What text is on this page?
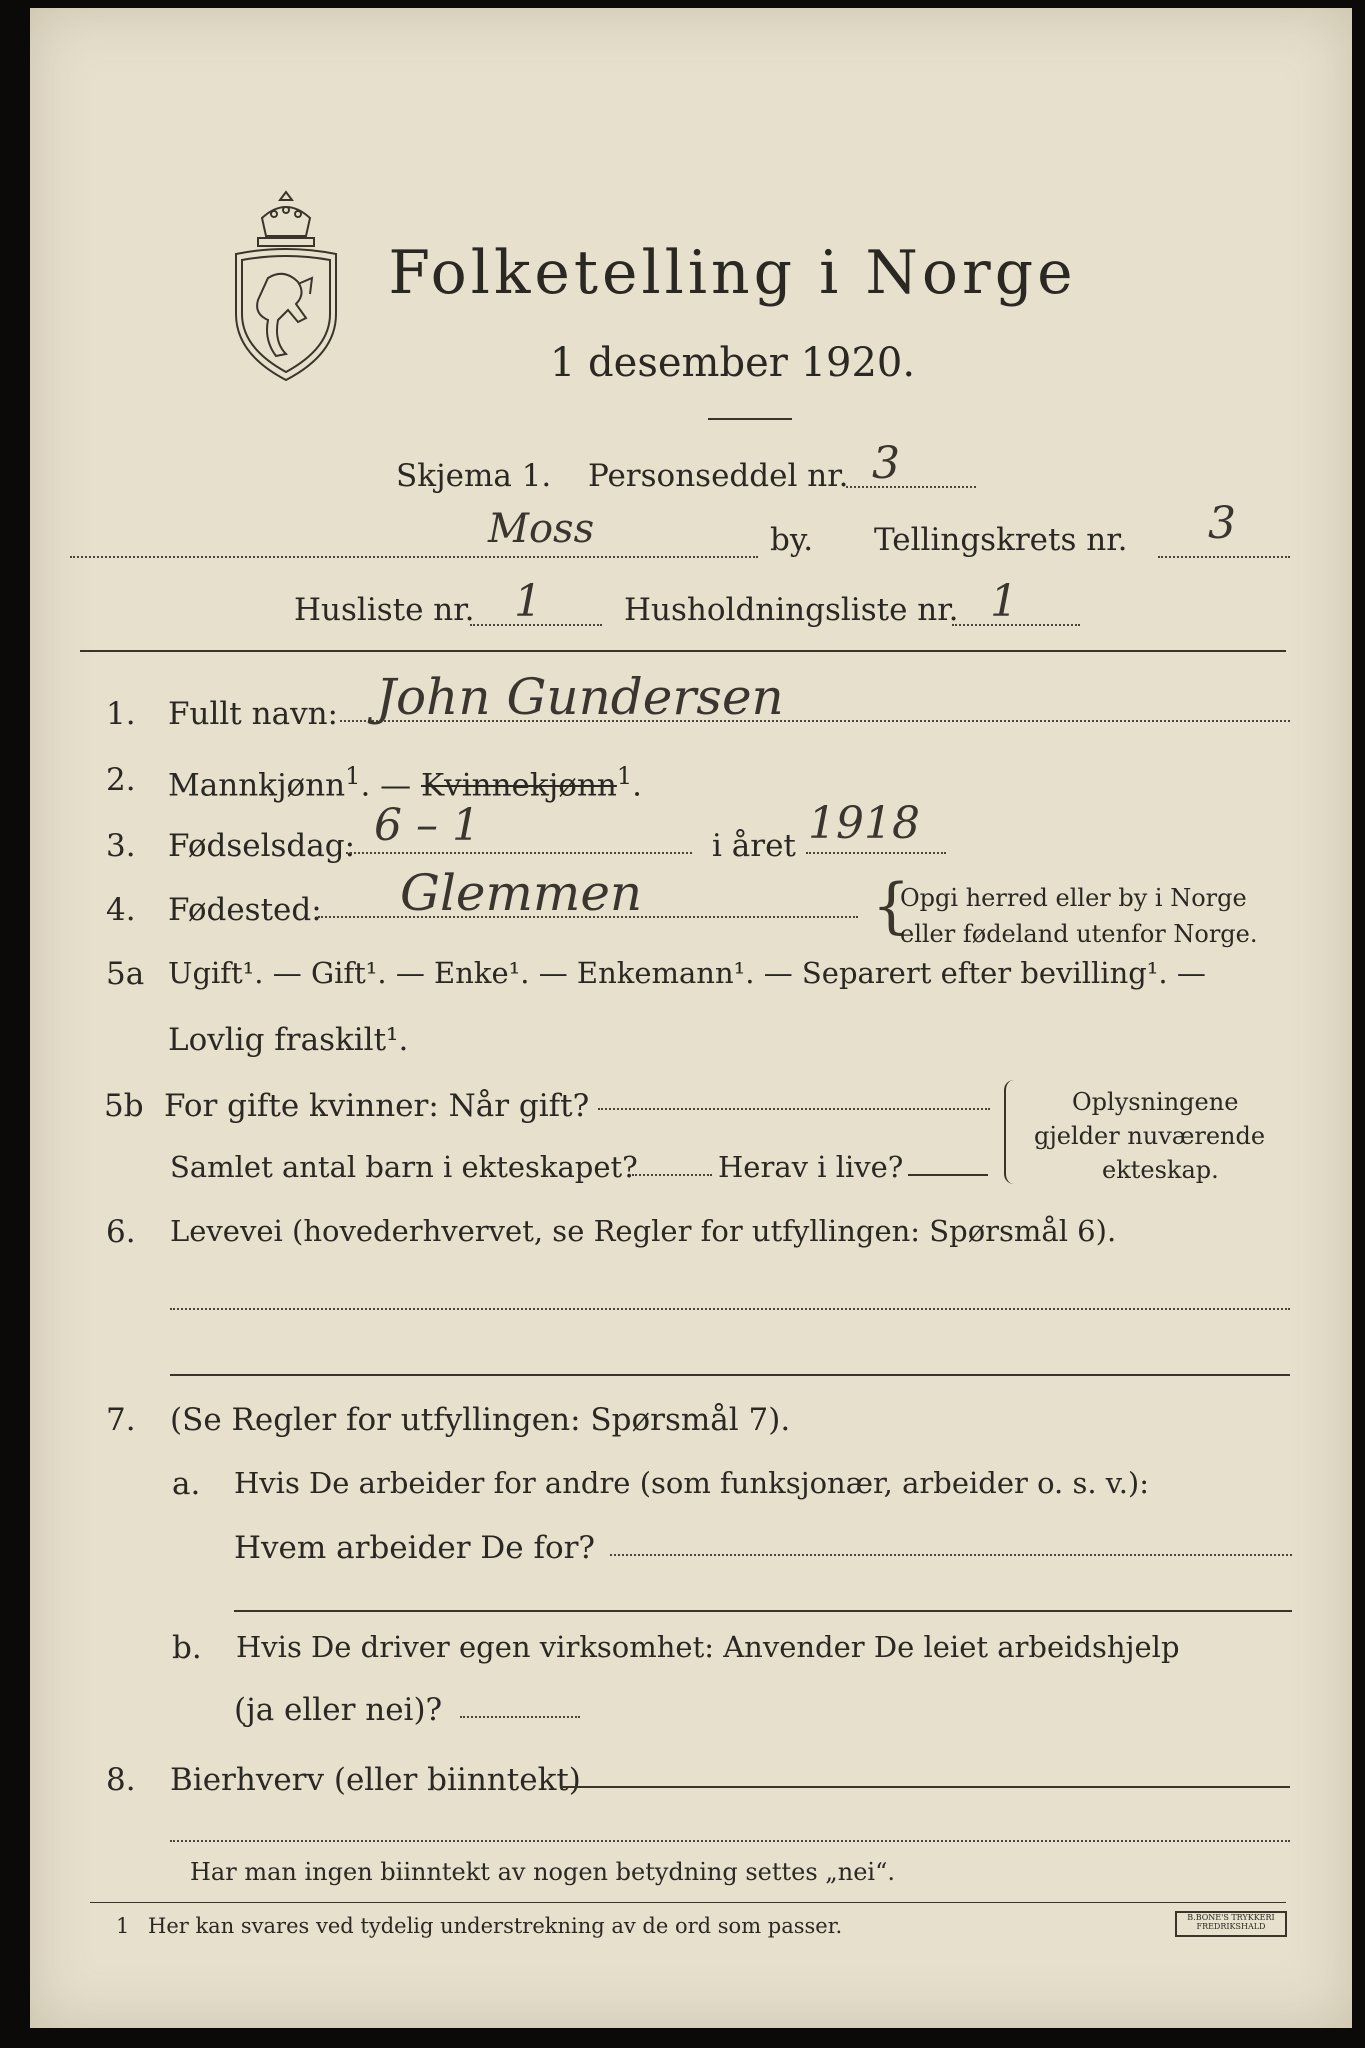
Folketelling i Norge
1 desember 1920.
Skjema 1. Personseddel nr. 3
Moss	by. Tellingskrets nr. 3
Husliste nr. 1	Husholdningsliste nr. 1
1. Fullt navn: John Gundersen
2. Mannkjønn$^1$. — Kvinnekjønn$^1$.
3. Fødselsdag: 6 – 1	i året 1918
4. Fødested: Glemmen	{
Opgi herred eller by i Norge
eller fødeland utenfor Norge.
5a Ugift¹. — Gift¹. — Enke¹. — Enkemann¹. — Separert efter bevilling¹. —
Lovlig fraskilt¹.
5b For gifte kvinner: Når gift?
Samlet antal barn i ekteskapet?	Herav i live?
Oplysningene
gjelder nuværende
ekteskap.
6. Levevei (hovederhvervet, se Regler for utfyllingen: Spørsmål 6).
7. (Se Regler for utfyllingen: Spørsmål 7).
a. Hvis De arbeider for andre (som funksjonær, arbeider o. s. v.):
Hvem arbeider De for?
b. Hvis De driver egen virksomhet: Anvender De leiet arbeidshjelp
(ja eller nei)?
8. Bierhverv (eller biinntekt)
Har man ingen biinntekt av nogen betydning settes „nei“.
1 Her kan svares ved tydelig understrekning av de ord som passer.	B.BONE'S TRYKKERI
FREDRIKSHALD
